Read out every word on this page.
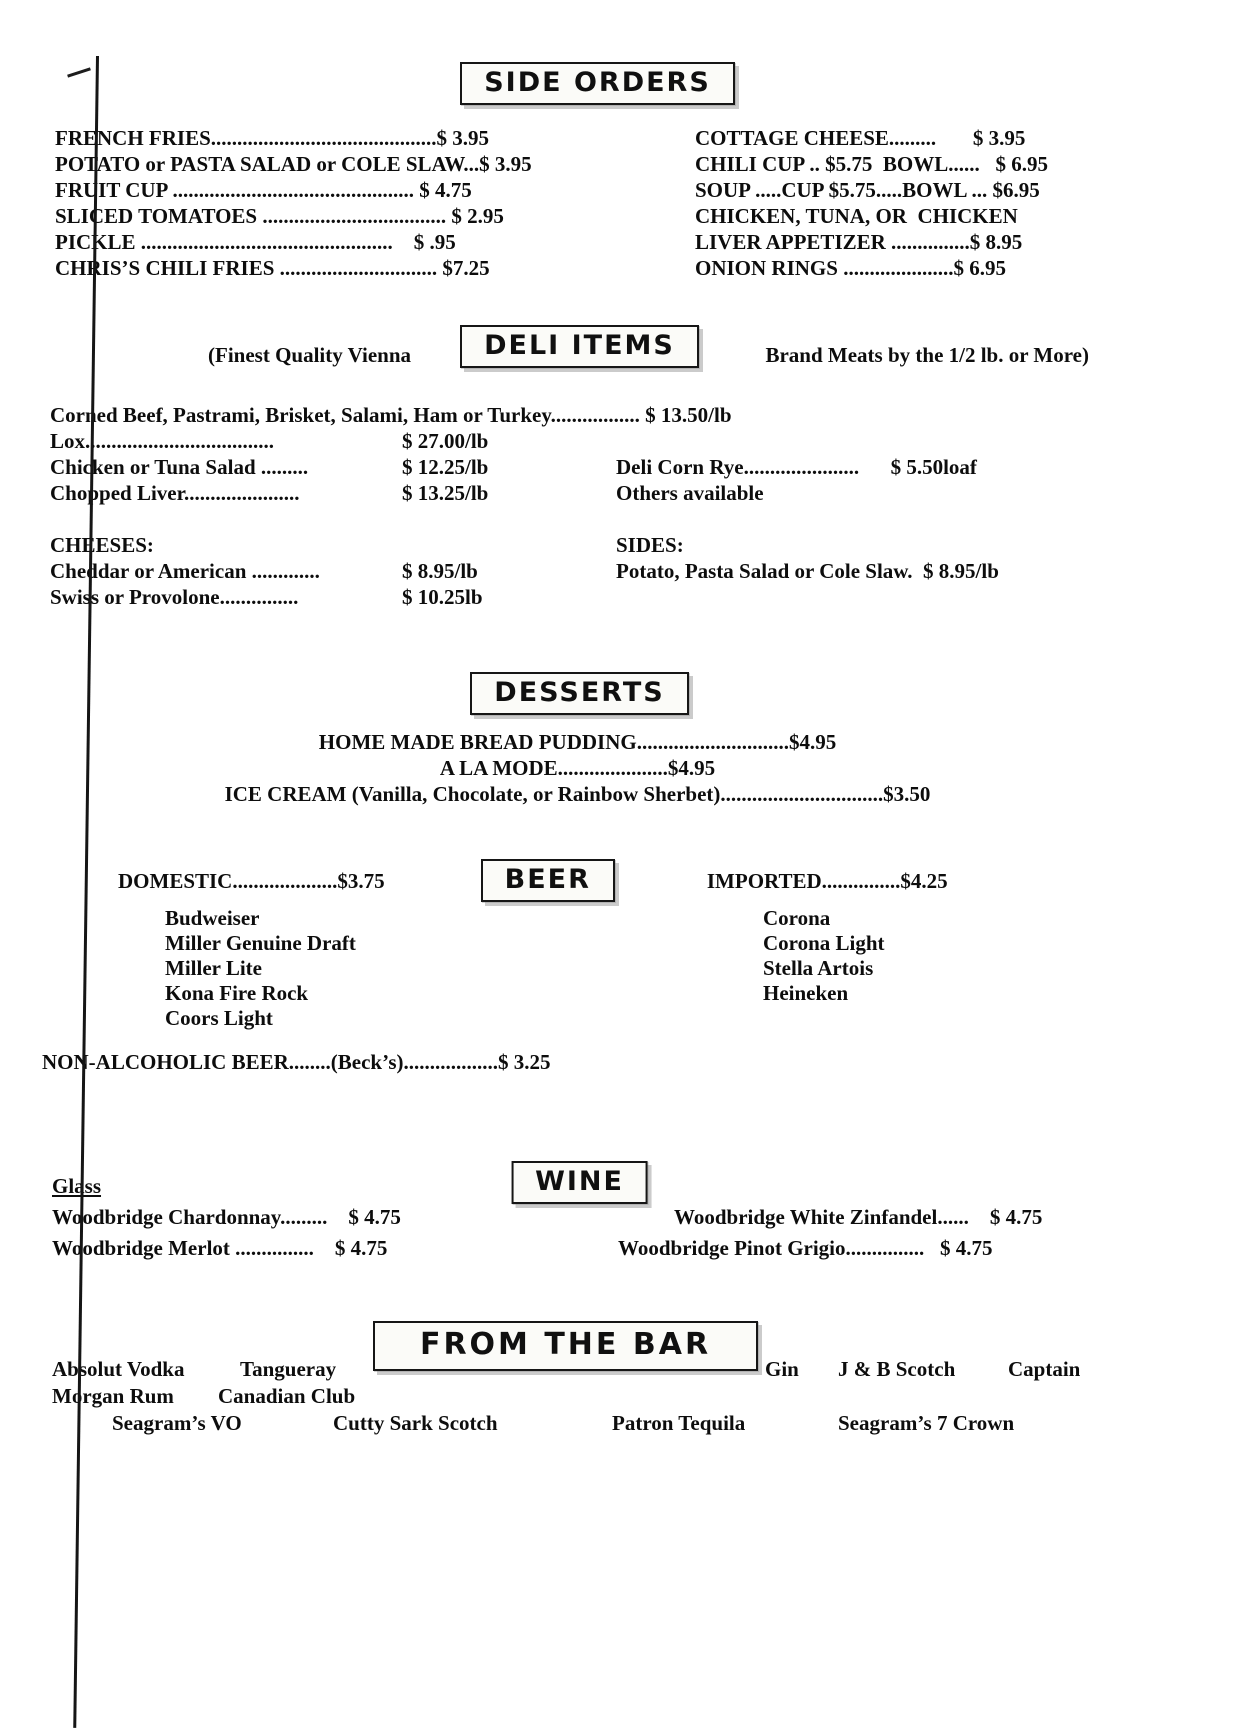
SIDE ORDERS
FRENCH FRIES...........................................$ 3.95
POTATO or PASTA SALAD or COLE SLAW...$ 3.95
FRUIT CUP .............................................. $ 4.75
SLICED TOMATOES ................................... $ 2.95
PICKLE ................................................    $ .95
CHRIS’S CHILI FRIES .............................. $7.25
COTTAGE CHEESE.........       $ 3.95
CHILI CUP .. $5.75  BOWL......   $ 6.95
SOUP .....CUP $5.75.....BOWL ... $6.95
CHICKEN, TUNA, OR  CHICKEN
LIVER APPETIZER ...............$ 8.95
ONION RINGS .....................$ 6.95
DELI ITEMS
(Finest Quality Vienna	Brand Meats by the 1/2 lb. or More)
Corned Beef, Pastrami, Brisket, Salami, Ham or Turkey................. $ 13.50/lb
Lox....................................	$ 27.00/lb
Chicken or Tuna Salad .........	$ 12.25/lb	Deli Corn Rye......................      $ 5.50loaf
Chopped Liver......................	$ 13.25/lb	Others available
CHEESES:	SIDES:
Cheddar or American .............	$ 8.95/lb	Potato, Pasta Salad or Cole Slaw.  $ 8.95/lb
Swiss or Provolone...............	$ 10.25lb
DESSERTS
HOME MADE BREAD PUDDING.............................$4.95
A LA MODE.....................$4.95
ICE CREAM (Vanilla, Chocolate, or Rainbow Sherbet)...............................$3.50
DOMESTIC....................$3.75	BEER	IMPORTED...............$4.25
Budweiser
Miller Genuine Draft
Miller Lite
Kona Fire Rock
Coors Light
Corona
Corona Light
Stella Artois
Heineken
NON-ALCOHOLIC BEER........(Beck’s)..................$ 3.25
WINE
Glass
Woodbridge Chardonnay.........    $ 4.75
Woodbridge Merlot ...............    $ 4.75
Woodbridge White Zinfandel......    $ 4.75
Woodbridge Pinot Grigio...............   $ 4.75
FROM THE BAR
Absolut Vodka	Tangueray	Gin J & B Scotch	Captain
Morgan Rum Canadian Club
Seagram’s VO	Cutty Sark Scotch	Patron Tequila	Seagram’s 7 Crown
